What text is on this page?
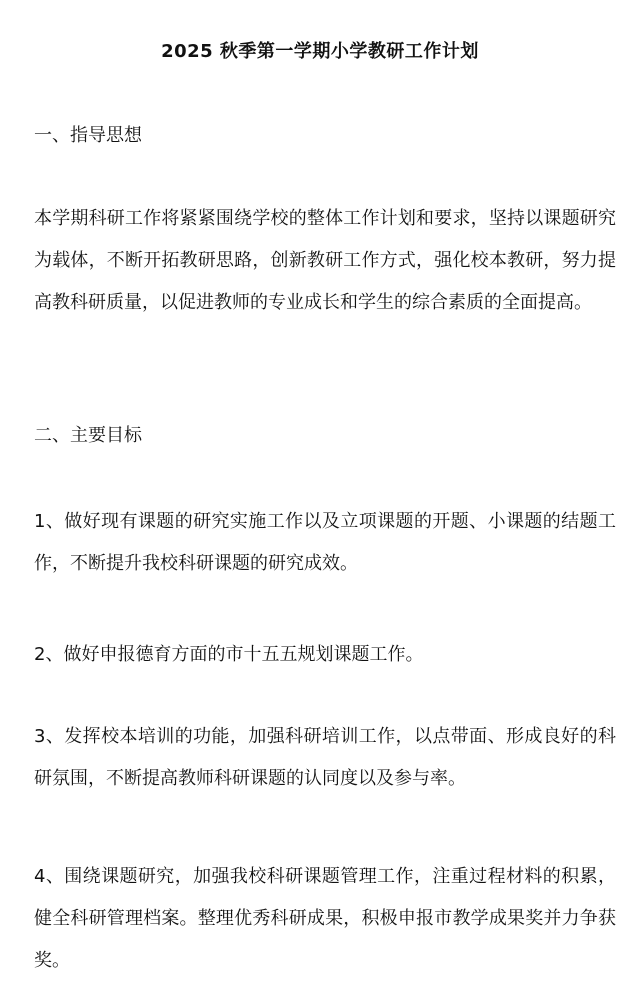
2025 秋季第一学期小学教研工作计划
一、指导思想

本学期科研工作将紧紧围绕学校的整体工作计划和要求，坚持以课题研究为载体，不断开拓教研思路，创新教研工作方式，强化校本教研，努力提高教科研质量，以促进教师的专业成长和学生的综合素质的全面提高。

二、主要目标

1、做好现有课题的研究实施工作以及立项课题的开题、小课题的结题工作，不断提升我校科研课题的研究成效。

2、做好申报德育方面的市十五五规划课题工作。

3、发挥校本培训的功能，加强科研培训工作，以点带面、形成良好的科研氛围，不断提高教师科研课题的认同度以及参与率。

4、围绕课题研究，加强我校科研课题管理工作，注重过程材料的积累，健全科研管理档案。整理优秀科研成果，积极申报市教学成果奖并力争获奖。
